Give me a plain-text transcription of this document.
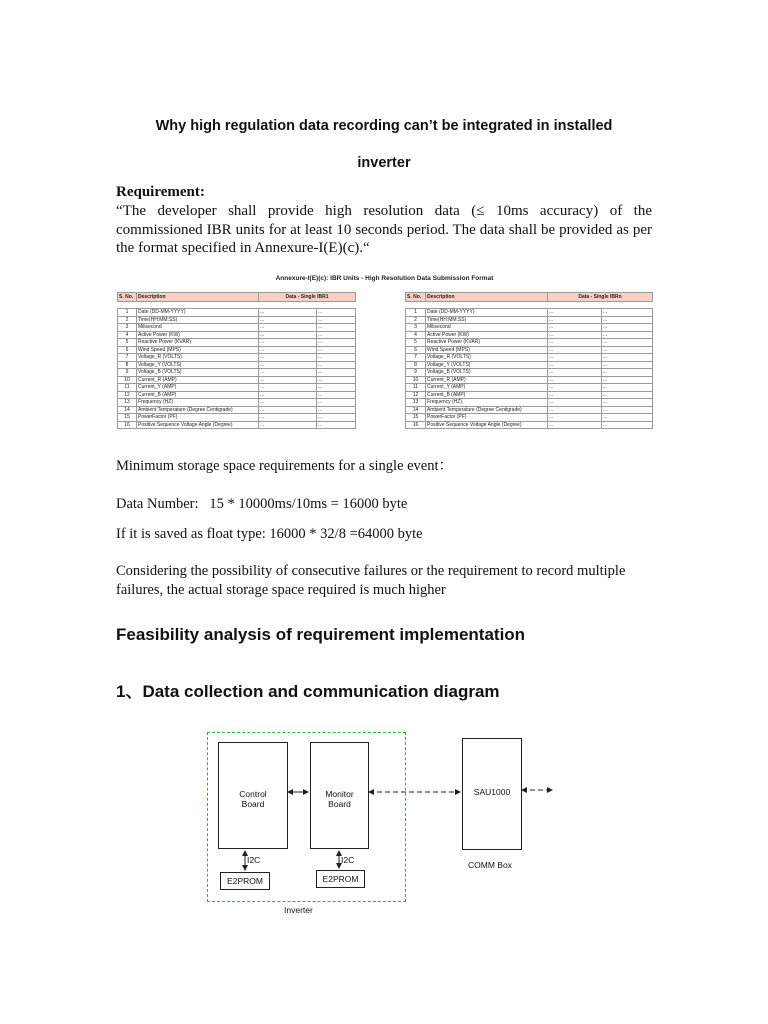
Why high regulation data recording can’t be integrated in installed
inverter
Requirement:
“The developer shall provide high resolution data (≤ 10ms accuracy) of the commissioned IBR units for at least 10 seconds period. The data shall be provided as per the format specified in Annexure-I(E)(c).“
Annexure-I(E)(c): IBR Units - High Resolution Data Submission Format
S. No.	Description	Data - Single IBR1	

1	Date (DD-MM-YYYY)	...	...
2	Time(HH:MM:SS)	...	...
3	Milisecond	...	...
4	Active Power (KW)	...	...
5	Reactive Power (KVAR)	...	...
6	Wind Speed (MPS)	...	...
7	Voltage_R (VOLTS)	...	...
8	Voltage_Y (VOLTS)	...	...
9	Voltage_B (VOLTS)	...	...
10	Current_R (AMP)	...	...
11	Current_Y (AMP)	...	...
12	Current_B (AMP)	...	...
13	Frequency (HZ)	...	...
14	Ambient Temperature (Degree Centigrade)	...	...
15	PowerFactor (PF)	...	...
16	Positive Sequence Voltage Angle (Degree)	...	...
S. No.	Description	Data - Single IBRn	

1	Date (DD-MM-YYYY)	...	...
2	Time(HH:MM:SS)	...	...
3	Milisecond	...	...
4	Active Power (KW)	...	...
5	Reactive Power (KVAR)	...	...
6	Wind Speed (MPS)	...	...
7	Voltage_R (VOLTS)	...	...
8	Voltage_Y (VOLTS)	...	...
9	Voltage_B (VOLTS)	...	...
10	Current_R (AMP)	...	...
11	Current_Y (AMP)	...	...
12	Current_B (AMP)	...	...
13	Frequency (HZ)	...	...
14	Ambient Temperature (Degree Centigrade)	...	...
15	PowerFactor (PF)	...	...
16	Positive Sequence Voltage Angle (Degree)	...	...
Minimum storage space requirements for a single event：
Data Number:   15 * 10000ms/10ms = 16000 byte
If it is saved as float type: 16000 * 32/8 =64000 byte
Considering the possibility of consecutive failures or the requirement to record multiple failures, the actual storage space required is much higher
Feasibility analysis of requirement implementation
1、Data collection and communication diagram
Control
Board
Monitor
Board
SAU1000
I2C	I2C
E2PROM	E2PROM
COMM Box
Inverter
